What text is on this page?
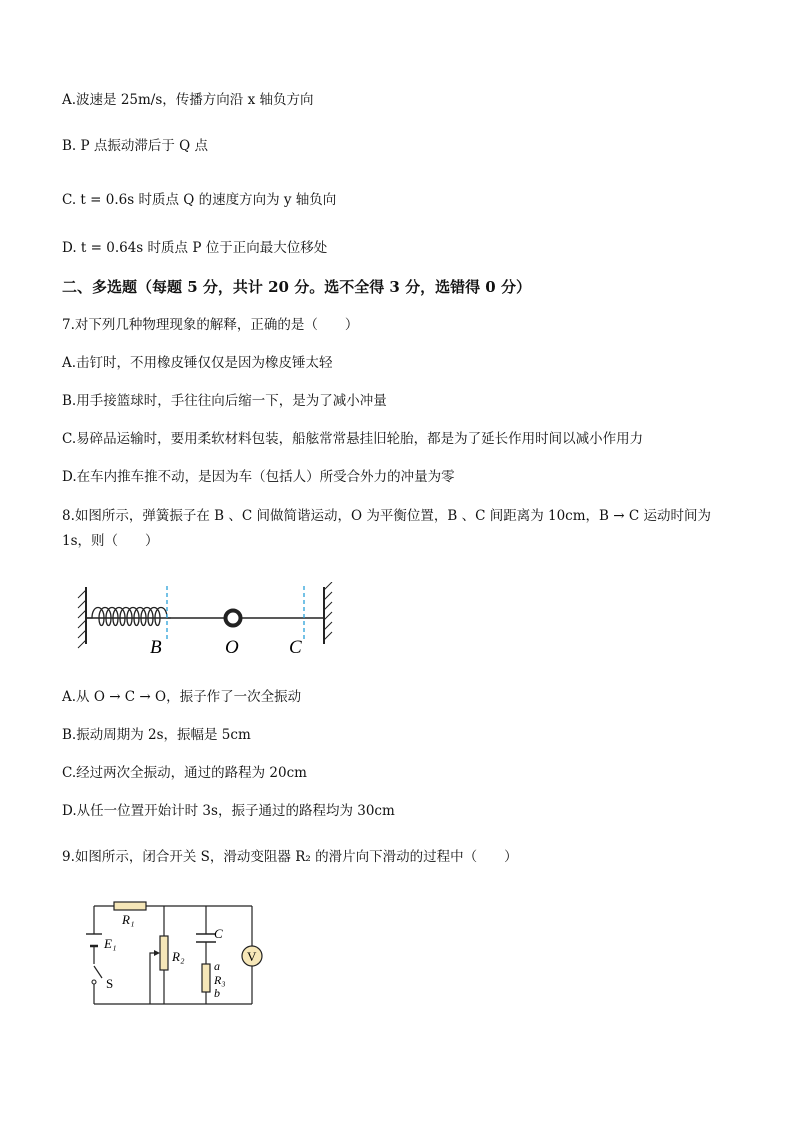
A.波速是 25m/s，传播方向沿 x 轴负方向
B. P 点振动滞后于 Q 点
C. t = 0.6s 时质点 Q 的速度方向为 y 轴负向
D. t = 0.64s 时质点 P 位于正向最大位移处
二、多选题（每题 5 分，共计 20 分。选不全得 3 分，选错得 0 分）
7.对下列几种物理现象的解释，正确的是（　　）
A.击钉时，不用橡皮锤仅仅是因为橡皮锤太轻
B.用手接篮球时，手往往向后缩一下，是为了减小冲量
C.易碎品运输时，要用柔软材料包装，船舷常常悬挂旧轮胎，都是为了延长作用时间以减小作用力
D.在车内推车推不动，是因为车（包括人）所受合外力的冲量为零
8.如图所示，弹簧振子在 B 、C 间做简谐运动，O 为平衡位置，B 、C 间距离为 10cm，B → C 运动时间为
1s，则（　　）
B	O	C
A.从 O → C → O，振子作了一次全振动
B.振动周期为 2s，振幅是 5cm
C.经过两次全振动，通过的路程为 20cm
D.从任一位置开始计时 3s，振子通过的路程均为 30cm
9.如图所示，闭合开关 S，滑动变阻器 R₂ 的滑片向下滑动的过程中（　　）
V
R₁
E₁
S
R₂
C
a
R₃
b
